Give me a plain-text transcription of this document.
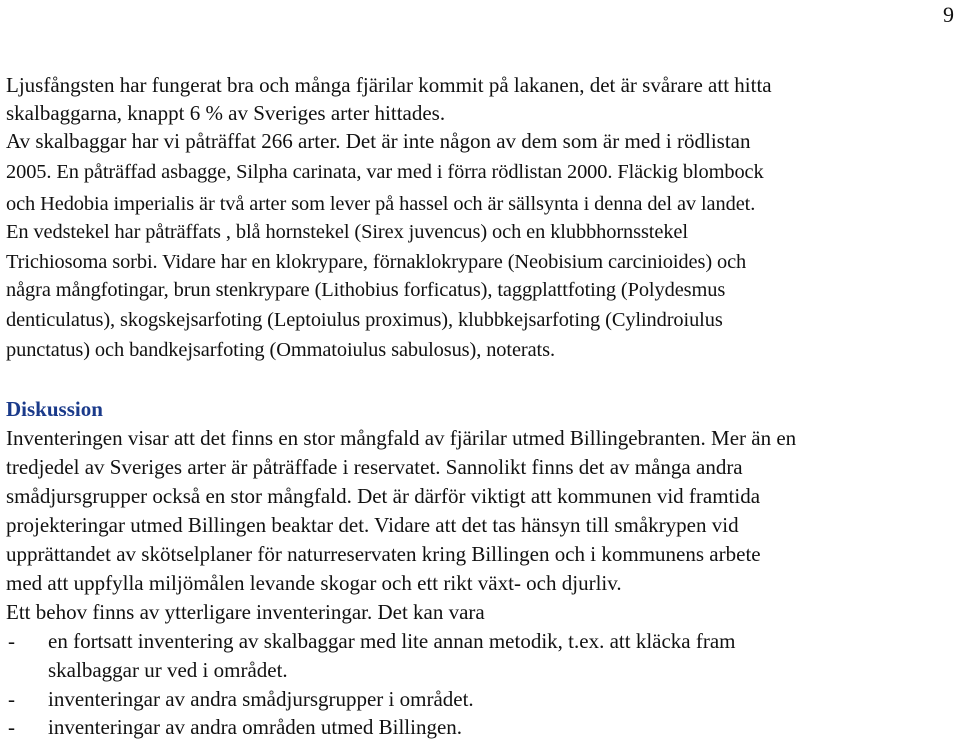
9
Ljusfångsten har fungerat bra och många fjärilar kommit på lakanen, det är svårare att hitta
skalbaggarna, knappt 6 % av Sveriges arter hittades.
Av skalbaggar har vi påträffat 266 arter. Det är inte någon av dem som är med i rödlistan
2005. En påträffad asbagge, Silpha carinata, var med i förra rödlistan 2000. Fläckig blombock
och Hedobia imperialis är två arter som lever på hassel och är sällsynta i denna del av landet.
En vedstekel har påträffats , blå hornstekel (Sirex juvencus) och en klubbhornsstekel
Trichiosoma sorbi. Vidare har en klokrypare, förnaklokrypare (Neobisium carcinioides) och
några mångfotingar, brun stenkrypare (Lithobius forficatus), taggplattfoting (Polydesmus
denticulatus), skogskejsarfoting (Leptoiulus proximus), klubbkejsarfoting (Cylindroiulus
punctatus) och bandkejsarfoting (Ommatoiulus sabulosus), noterats.
Diskussion
Inventeringen visar att det finns en stor mångfald av fjärilar utmed Billingebranten. Mer än en
tredjedel av Sveriges arter är påträffade i reservatet. Sannolikt finns det av många andra
smådjursgrupper också en stor mångfald. Det är därför viktigt att kommunen vid framtida
projekteringar utmed Billingen beaktar det. Vidare att det tas hänsyn till småkrypen vid
upprättandet av skötselplaner för naturreservaten kring Billingen och i kommunens arbete
med att uppfylla miljömålen levande skogar och ett rikt växt- och djurliv.
Ett behov finns av ytterligare inventeringar. Det kan vara
- en fortsatt inventering av skalbaggar med lite annan metodik, t.ex. att kläcka fram
skalbaggar ur ved i området.
- inventeringar av andra smådjursgrupper i området.
- inventeringar av andra områden utmed Billingen.
